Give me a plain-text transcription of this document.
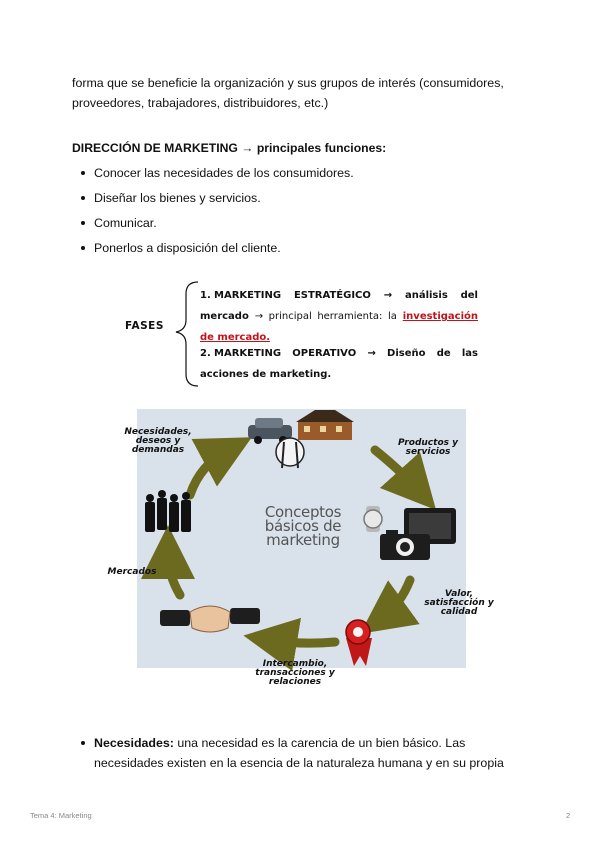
forma que se beneficie la organización y sus grupos de interés (consumidores,
proveedores, trabajadores, distribuidores, etc.)
DIRECCIÓN DE MARKETING → principales funciones:
Conocer las necesidades de los consumidores.
Diseñar los bienes y servicios.
Comunicar.
Ponerlos a disposición del cliente.
FASES
1. MARKETING ESTRATÉGICO → análisis del
mercado → principal herramienta: la investigación
de mercado.
2. MARKETING OPERATIVO → Diseño de las
acciones de marketing.
Conceptos
básicos de
marketing
Necesidades,
deseos y
demandas
Productos y
servicios
Valor,
satisfacción y
calidad
Intercambio,
transacciones y
relaciones
Mercados
Necesidades: una necesidad es la carencia de un bien básico. Las
necesidades existen en la esencia de la naturaleza humana y en su propia
Tema 4: Marketing	2
